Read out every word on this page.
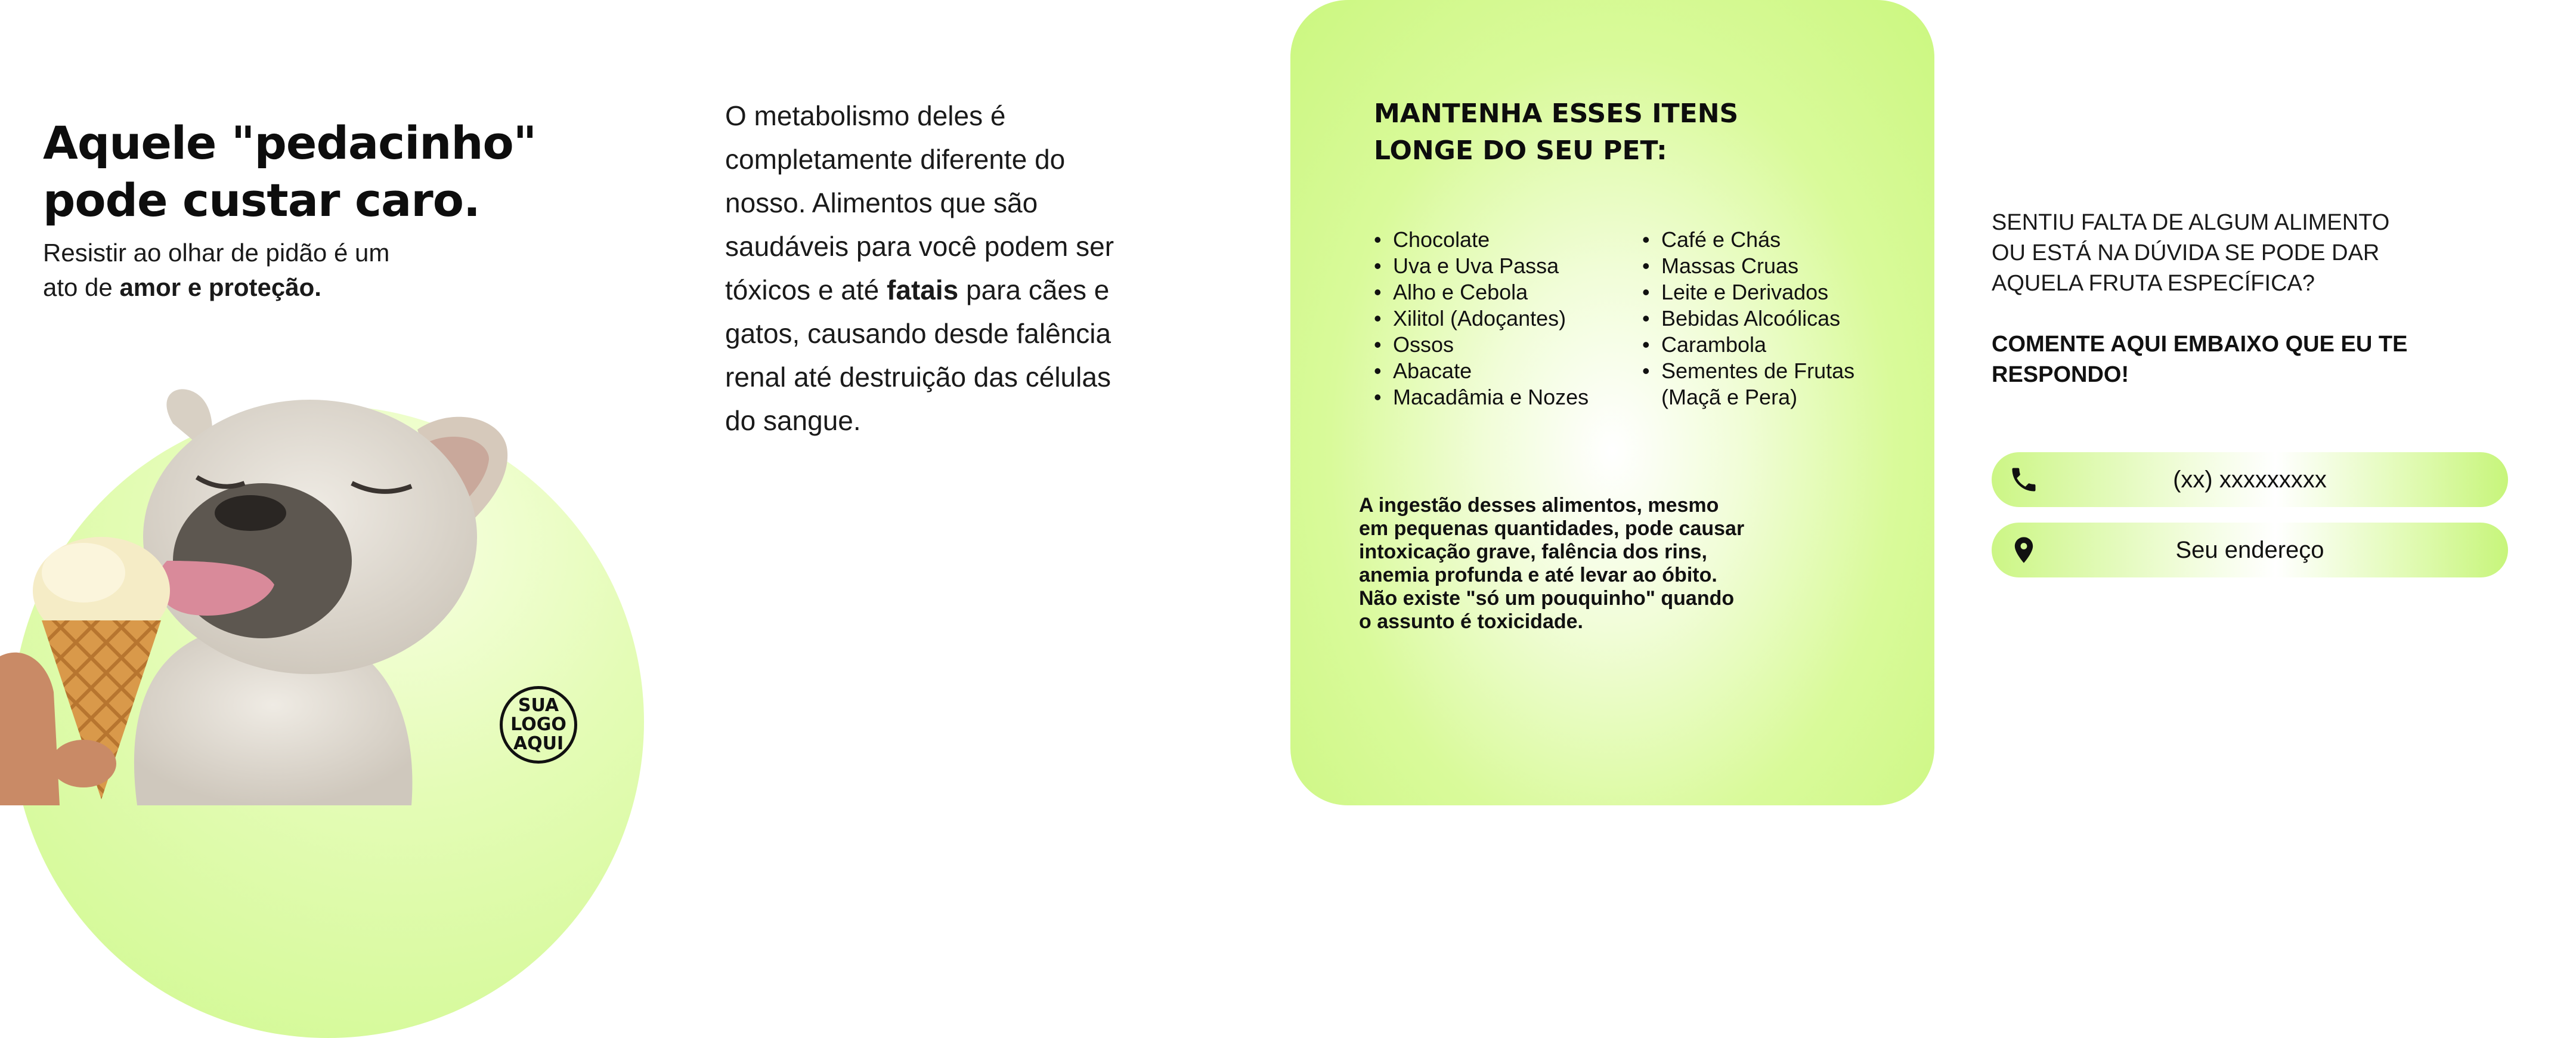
Aquele "pedacinho"
pode custar caro.
Resistir ao olhar de pidão é um
ato de amor e proteção.
SUA
LOGO
AQUI
O metabolismo deles é
completamente diferente do
nosso. Alimentos que são
saudáveis para você podem ser
tóxicos e até fatais para cães e
gatos, causando desde falência
renal até destruição das células
do sangue.
MANTENHA ESSES ITENS
LONGE DO SEU PET:
• Chocolate
• Uva e Uva Passa
• Alho e Cebola
• Xilitol (Adoçantes)
• Ossos
• Abacate
• Macadâmia e Nozes
• Café e Chás
• Massas Cruas
• Leite e Derivados
• Bebidas Alcoólicas
• Carambola
• Sementes de Frutas
(Maçã e Pera)
A ingestão desses alimentos, mesmo
em pequenas quantidades, pode causar
intoxicação grave, falência dos rins,
anemia profunda e até levar ao óbito.
Não existe "só um pouquinho" quando
o assunto é toxicidade.
SENTIU FALTA DE ALGUM ALIMENTO
OU ESTÁ NA DÚVIDA SE PODE DAR
AQUELA FRUTA ESPECÍFICA?
COMENTE AQUI EMBAIXO QUE EU TE
RESPONDO!
(xx) xxxxxxxxx
Seu endereço
